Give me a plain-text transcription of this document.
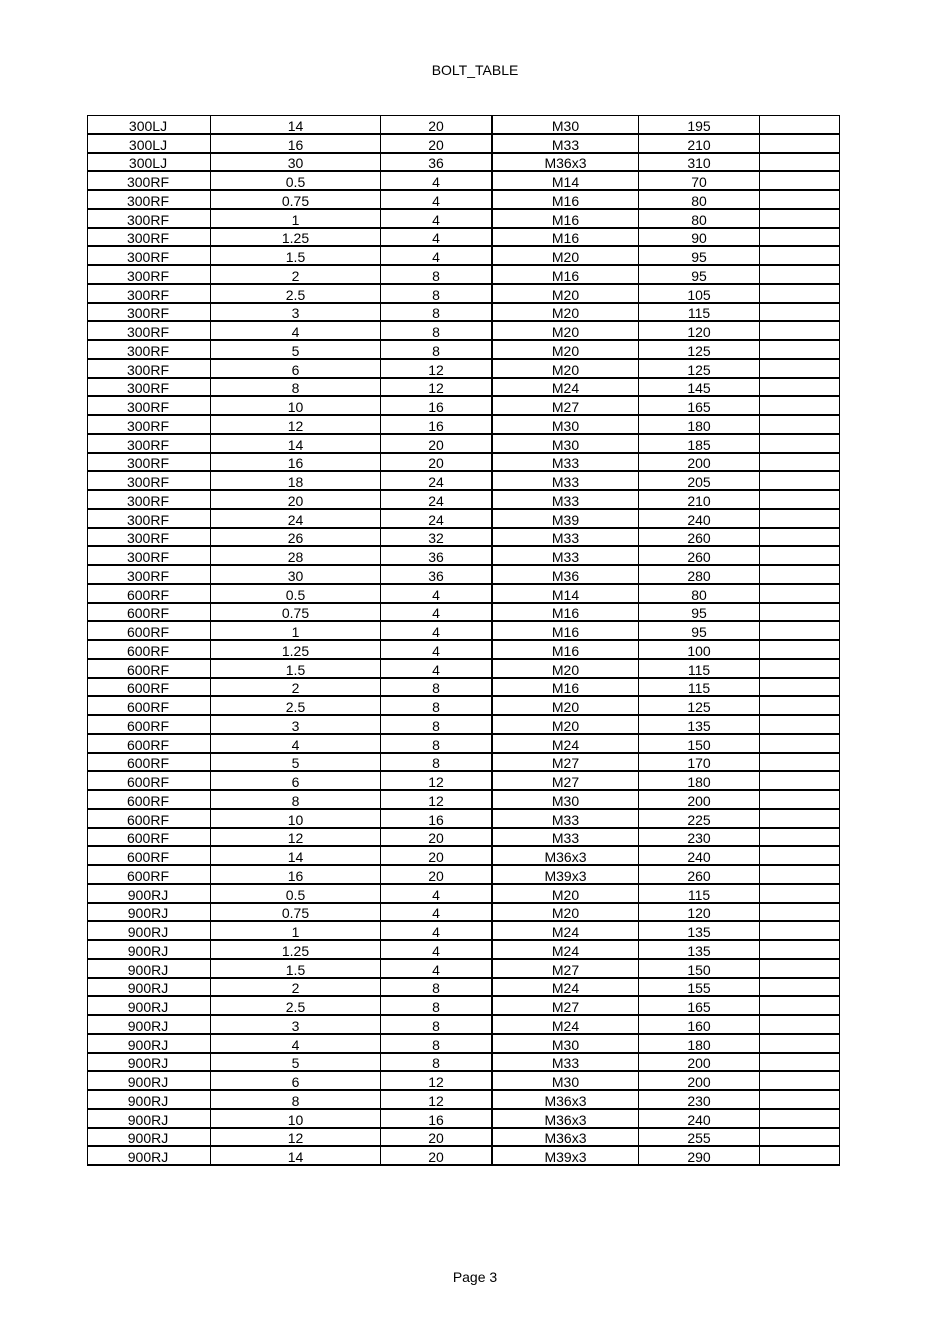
BOLT_TABLE
300LJ	14	20	M30	195	
300LJ	16	20	M33	210	
300LJ	30	36	M36x3	310	
300RF	0.5	4	M14	70	
300RF	0.75	4	M16	80	
300RF	1	4	M16	80	
300RF	1.25	4	M16	90	
300RF	1.5	4	M20	95	
300RF	2	8	M16	95	
300RF	2.5	8	M20	105	
300RF	3	8	M20	115	
300RF	4	8	M20	120	
300RF	5	8	M20	125	
300RF	6	12	M20	125	
300RF	8	12	M24	145	
300RF	10	16	M27	165	
300RF	12	16	M30	180	
300RF	14	20	M30	185	
300RF	16	20	M33	200	
300RF	18	24	M33	205	
300RF	20	24	M33	210	
300RF	24	24	M39	240	
300RF	26	32	M33	260	
300RF	28	36	M33	260	
300RF	30	36	M36	280	
600RF	0.5	4	M14	80	
600RF	0.75	4	M16	95	
600RF	1	4	M16	95	
600RF	1.25	4	M16	100	
600RF	1.5	4	M20	115	
600RF	2	8	M16	115	
600RF	2.5	8	M20	125	
600RF	3	8	M20	135	
600RF	4	8	M24	150	
600RF	5	8	M27	170	
600RF	6	12	M27	180	
600RF	8	12	M30	200	
600RF	10	16	M33	225	
600RF	12	20	M33	230	
600RF	14	20	M36x3	240	
600RF	16	20	M39x3	260	
900RJ	0.5	4	M20	115	
900RJ	0.75	4	M20	120	
900RJ	1	4	M24	135	
900RJ	1.25	4	M24	135	
900RJ	1.5	4	M27	150	
900RJ	2	8	M24	155	
900RJ	2.5	8	M27	165	
900RJ	3	8	M24	160	
900RJ	4	8	M30	180	
900RJ	5	8	M33	200	
900RJ	6	12	M30	200	
900RJ	8	12	M36x3	230	
900RJ	10	16	M36x3	240	
900RJ	12	20	M36x3	255	
900RJ	14	20	M39x3	290	
Page 3
